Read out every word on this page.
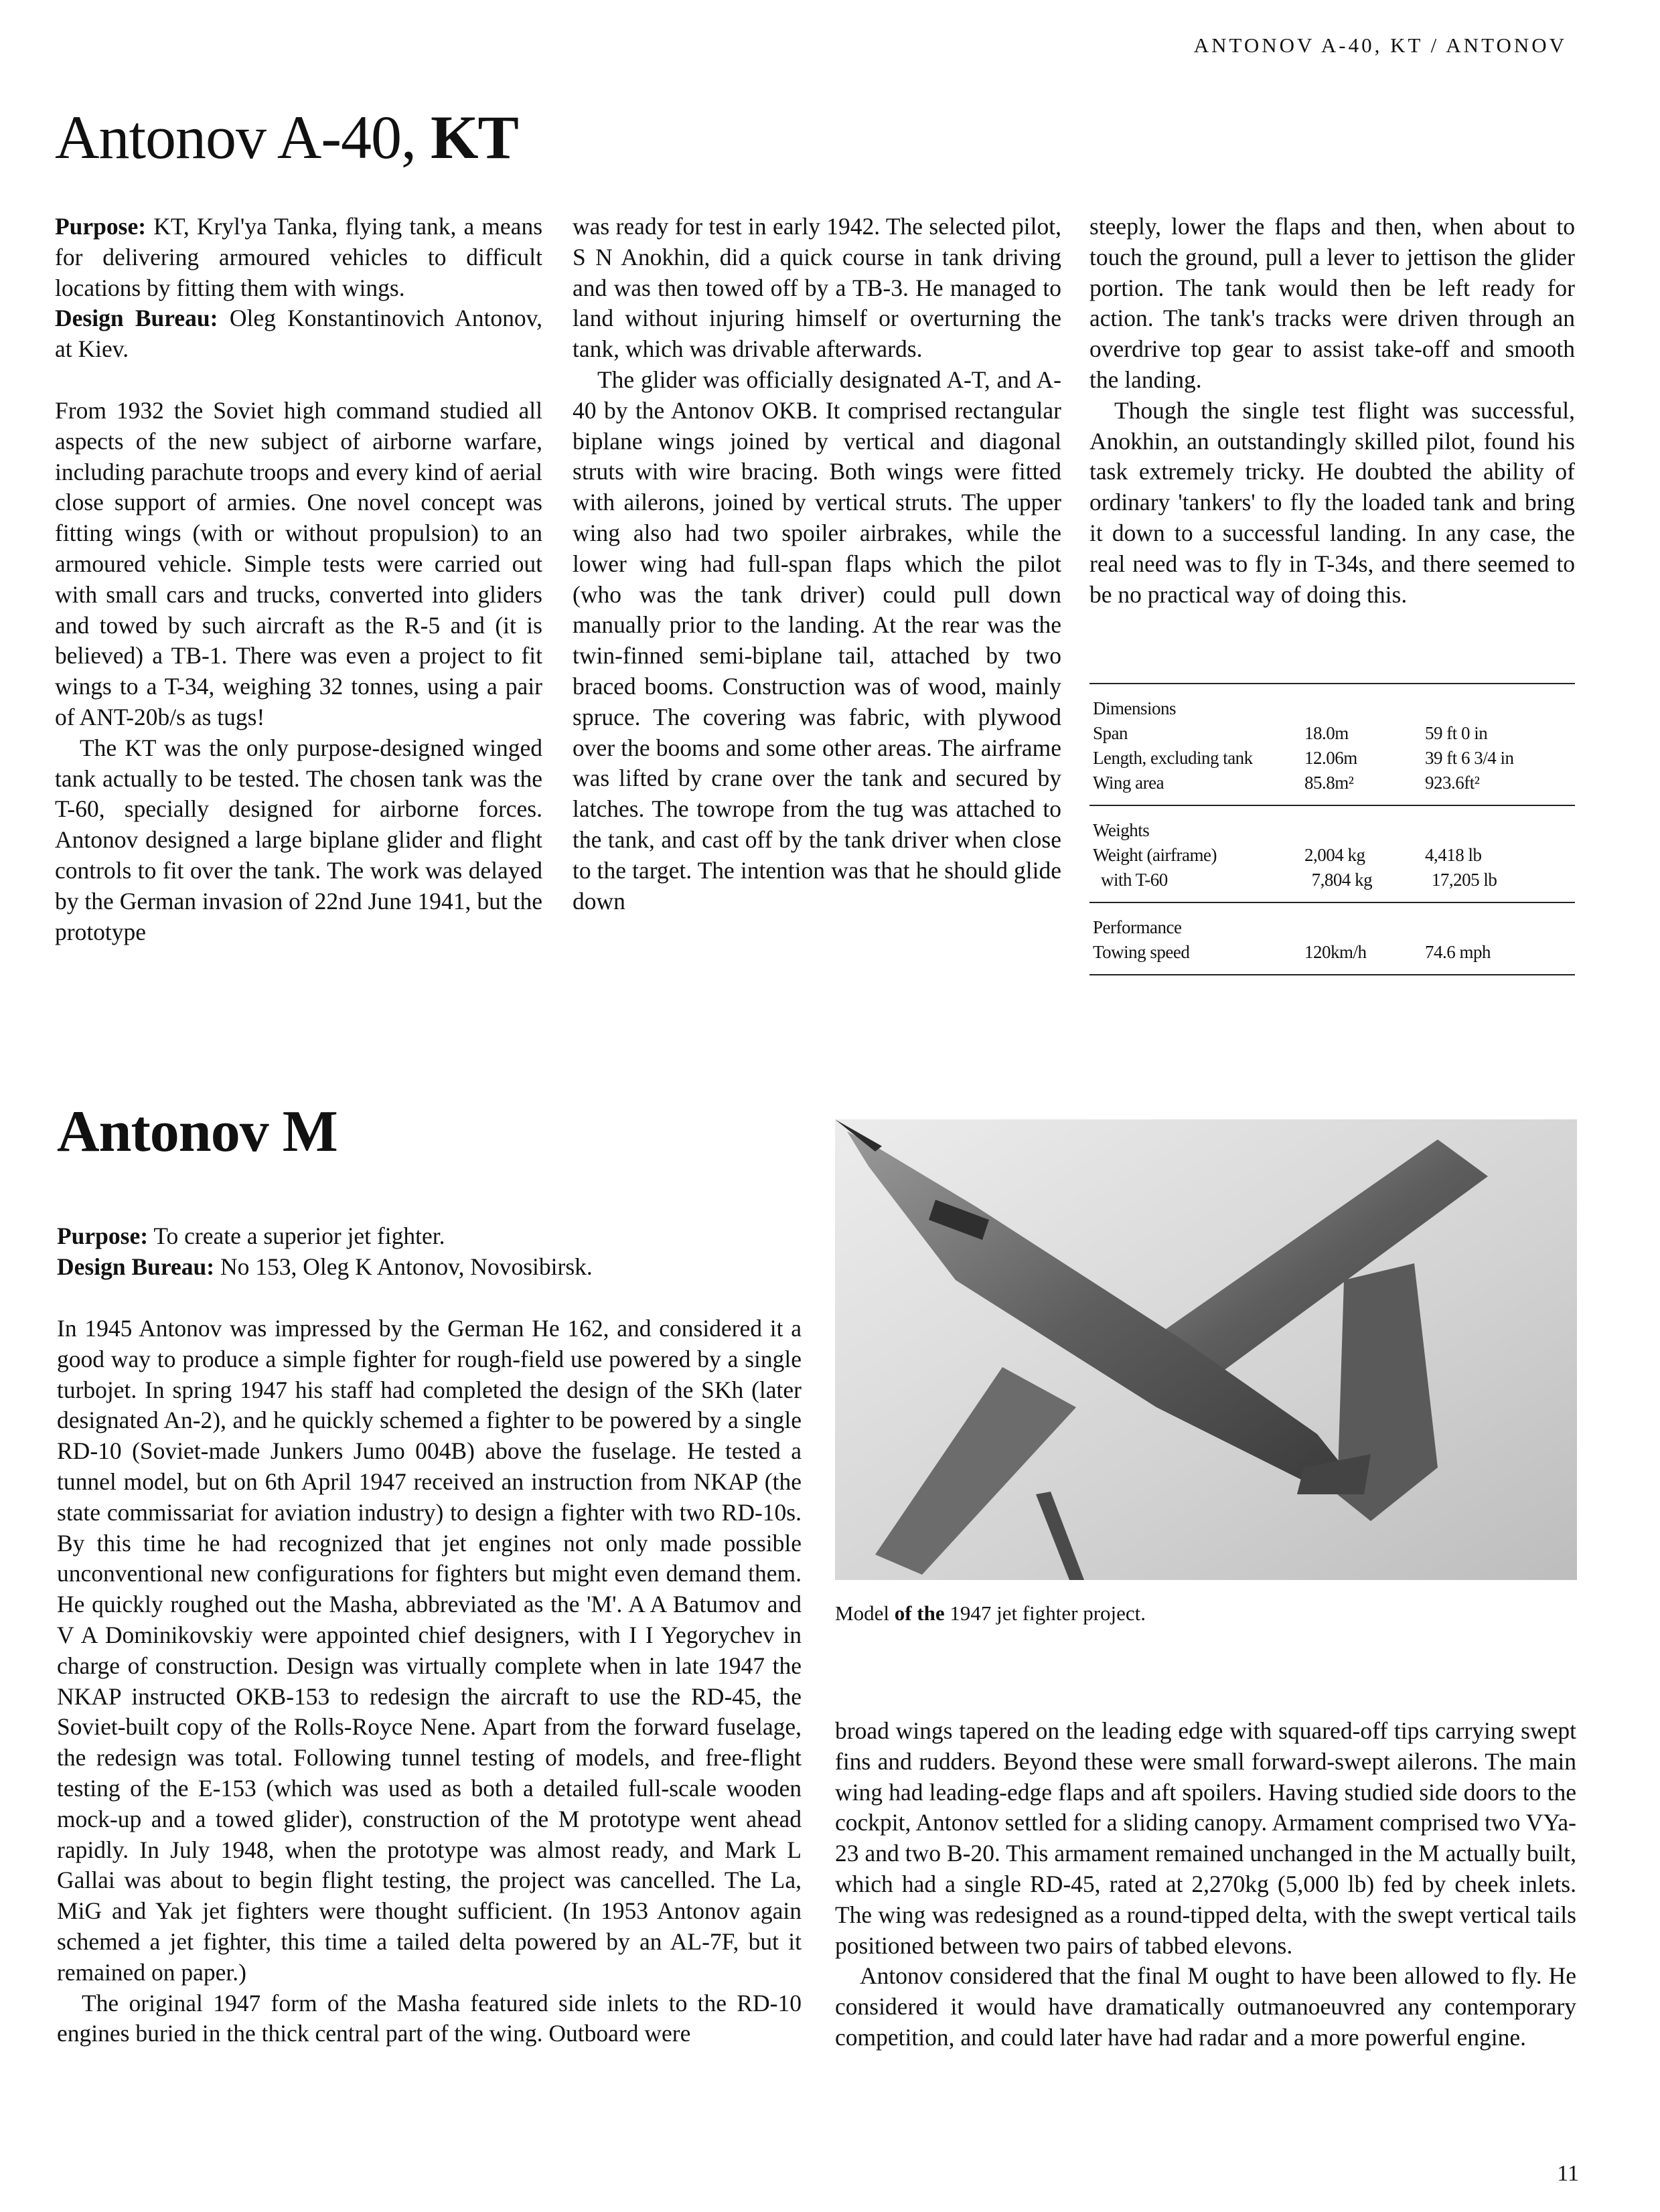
ANTONOV A-40, KT / ANTONOV
Antonov A-40, KT

Purpose: KT, Kryl'ya Tanka, flying tank, a means for delivering armoured vehicles to difficult locations by fitting them with wings.
Design Bureau: Oleg Konstantinovich Antonov, at Kiev.

From 1932 the Soviet high command studied all aspects of the new subject of airborne warfare, including parachute troops and every kind of aerial close support of armies. One novel concept was fitting wings (with or without propulsion) to an armoured vehicle. Simple tests were carried out with small cars and trucks, converted into gliders and towed by such aircraft as the R-5 and (it is believed) a TB-1. There was even a project to fit wings to a T-34, weighing 32 tonnes, using a pair of ANT-20b/s as tugs!

The KT was the only purpose-designed winged tank actually to be tested. The chosen tank was the T-60, specially designed for airborne forces. Antonov designed a large biplane glider and flight controls to fit over the tank. The work was delayed by the German invasion of 22nd June 1941, but the prototype

was ready for test in early 1942. The selected pilot, S N Anokhin, did a quick course in tank driving and was then towed off by a TB-3. He managed to land without injuring himself or overturning the tank, which was drivable afterwards.

The glider was officially designated A-T, and A-40 by the Antonov OKB. It comprised rectangular biplane wings joined by vertical and diagonal struts with wire bracing. Both wings were fitted with ailerons, joined by vertical struts. The upper wing also had two spoiler airbrakes, while the lower wing had full-span flaps which the pilot (who was the tank driver) could pull down manually prior to the landing. At the rear was the twin-finned semi-biplane tail, attached by two braced booms. Construction was of wood, mainly spruce. The covering was fabric, with plywood over the booms and some other areas. The airframe was lifted by crane over the tank and secured by latches. The towrope from the tug was attached to the tank, and cast off by the tank driver when close to the target. The intention was that he should glide down

steeply, lower the flaps and then, when about to touch the ground, pull a lever to jettison the glider portion. The tank would then be left ready for action. The tank's tracks were driven through an overdrive top gear to assist take-off and smooth the landing.

Though the single test flight was successful, Anokhin, an outstandingly skilled pilot, found his task extremely tricky. He doubted the ability of ordinary 'tankers' to fly the loaded tank and bring it down to a successful landing. In any case, the real need was to fly in T-34s, and there seemed to be no practical way of doing this.

Dimensions
Span	18.0m	59 ft 0 in
Length, excluding tank	12.06m	39 ft 6 3/4 in
Wing area	85.8m²	923.6ft²
Weights
Weight (airframe)	2,004 kg	4,418 lb
with T-60	7,804 kg	17,205 lb
Performance
Towing speed	120km/h	74.6 mph
Antonov M

Purpose: To create a superior jet fighter.
Design Bureau: No 153, Oleg K Antonov, Novosibirsk.

In 1945 Antonov was impressed by the German He 162, and considered it a good way to produce a simple fighter for rough-field use powered by a single turbojet. In spring 1947 his staff had completed the design of the SKh (later designated An-2), and he quickly schemed a fighter to be powered by a single RD-10 (Soviet-made Junkers Jumo 004B) above the fuselage. He tested a tunnel model, but on 6th April 1947 received an instruction from NKAP (the state commissariat for aviation industry) to design a fighter with two RD-10s. By this time he had recognized that jet engines not only made possible unconventional new configurations for fighters but might even demand them. He quickly roughed out the Masha, abbreviated as the 'M'. A A Batumov and V A Dominikovskiy were appointed chief designers, with I I Yegorychev in charge of construction. Design was virtually complete when in late 1947 the NKAP instructed OKB-153 to redesign the aircraft to use the RD-45, the Soviet-built copy of the Rolls-Royce Nene. Apart from the forward fuselage, the redesign was total. Following tunnel testing of models, and free-flight testing of the E-153 (which was used as both a detailed full-scale wooden mock-up and a towed glider), construction of the M prototype went ahead rapidly. In July 1948, when the prototype was almost ready, and Mark L Gallai was about to begin flight testing, the project was cancelled. The La, MiG and Yak jet fighters were thought sufficient. (In 1953 Antonov again schemed a jet fighter, this time a tailed delta powered by an AL-7F, but it remained on paper.)

The original 1947 form of the Masha featured side inlets to the RD-10 engines buried in the thick central part of the wing. Outboard were

broad wings tapered on the leading edge with squared-off tips carrying swept fins and rudders. Beyond these were small forward-swept ailerons. The main wing had leading-edge flaps and aft spoilers. Having studied side doors to the cockpit, Antonov settled for a sliding canopy. Armament comprised two VYa-23 and two B-20. This armament remained unchanged in the M actually built, which had a single RD-45, rated at 2,270kg (5,000 lb) fed by cheek inlets. The wing was redesigned as a round-tipped delta, with the swept vertical tails positioned between two pairs of tabbed elevons.

Antonov considered that the final M ought to have been allowed to fly. He considered it would have dramatically outmanoeuvred any contemporary competition, and could later have had radar and a more powerful engine.

Model of the 1947 jet fighter project.
11
